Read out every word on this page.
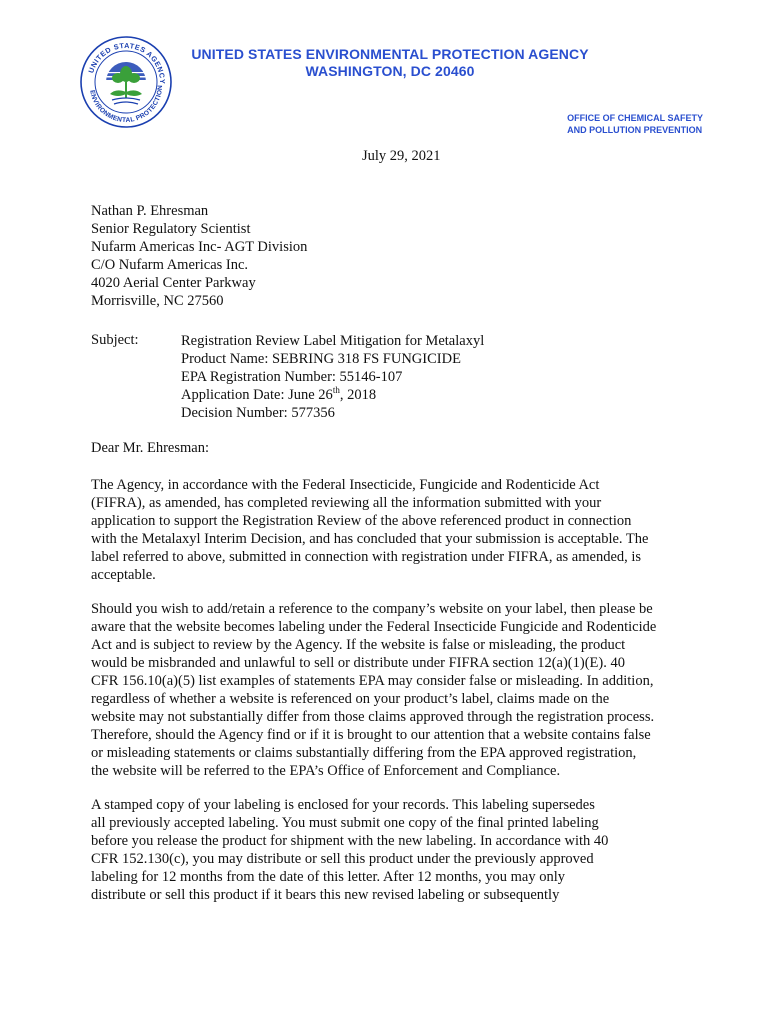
UNITED STATES
AGENCY
ENVIRONMENTAL PROTECTION
UNITED STATES ENVIRONMENTAL PROTECTION AGENCY
WASHINGTON, DC 20460
OFFICE OF CHEMICAL SAFETY
AND POLLUTION PREVENTION
July 29, 2021
Nathan P. Ehresman
Senior Regulatory Scientist
Nufarm Americas Inc- AGT Division
C/O Nufarm Americas Inc.
4020 Aerial Center Parkway
Morrisville, NC 27560
Subject:	Registration Review Label Mitigation for Metalaxyl
Product Name: SEBRING 318 FS FUNGICIDE
EPA Registration Number: 55146-107
Application Date: June 26th, 2018
Decision Number: 577356
Dear Mr. Ehresman:
The Agency, in accordance with the Federal Insecticide, Fungicide and Rodenticide Act
(FIFRA), as amended, has completed reviewing all the information submitted with your
application to support the Registration Review of the above referenced product in connection
with the Metalaxyl Interim Decision, and has concluded that your submission is acceptable. The
label referred to above, submitted in connection with registration under FIFRA, as amended, is
acceptable.
Should you wish to add/retain a reference to the company’s website on your label, then please be
aware that the website becomes labeling under the Federal Insecticide Fungicide and Rodenticide
Act and is subject to review by the Agency. If the website is false or misleading, the product
would be misbranded and unlawful to sell or distribute under FIFRA section 12(a)(1)(E). 40
CFR 156.10(a)(5) list examples of statements EPA may consider false or misleading. In addition,
regardless of whether a website is referenced on your product’s label, claims made on the
website may not substantially differ from those claims approved through the registration process.
Therefore, should the Agency find or if it is brought to our attention that a website contains false
or misleading statements or claims substantially differing from the EPA approved registration,
the website will be referred to the EPA’s Office of Enforcement and Compliance.
A stamped copy of your labeling is enclosed for your records. This labeling supersedes
all previously accepted labeling. You must submit one copy of the final printed labeling
before you release the product for shipment with the new labeling. In accordance with 40
CFR 152.130(c), you may distribute or sell this product under the previously approved
labeling for 12 months from the date of this letter. After 12 months, you may only
distribute or sell this product if it bears this new revised labeling or subsequently
